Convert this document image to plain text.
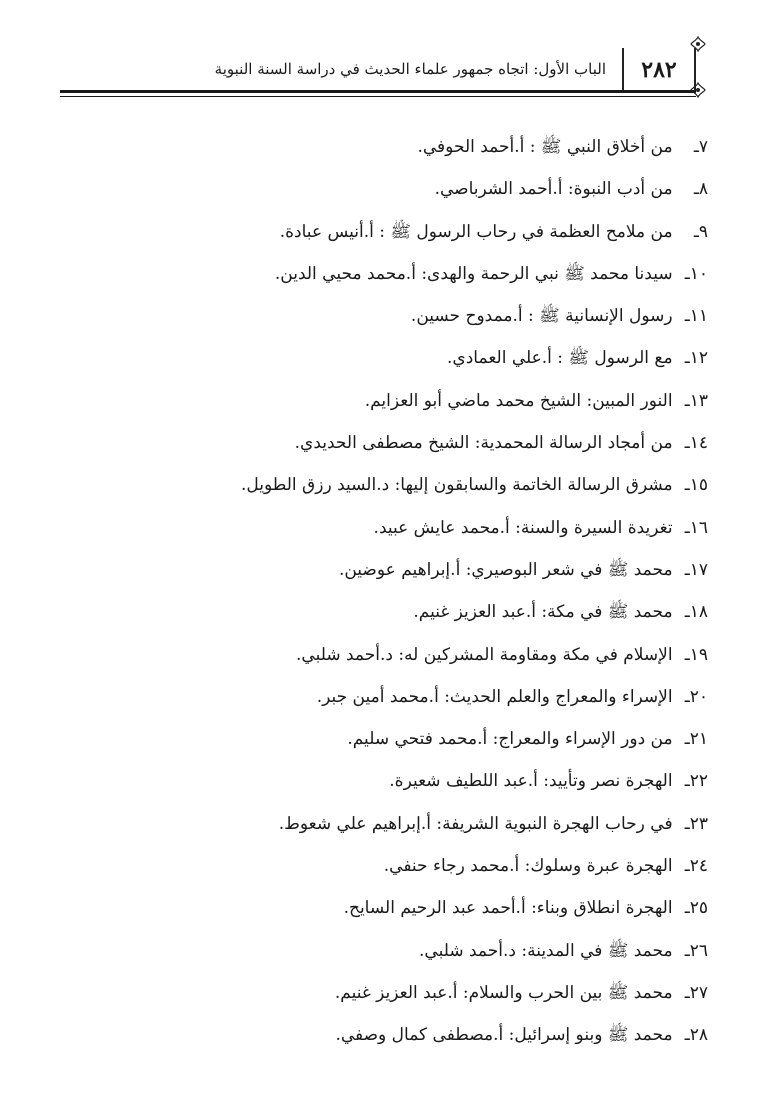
الباب الأول: اتجاه جمهور علماء الحديث في دراسة السنة النبوية ٢٨٢
٧ـ من أخلاق النبي ﷺ : أ.أحمد الحوفي.
٨ـ من أدب النبوة: أ.أحمد الشرباصي.
٩ـ من ملامح العظمة في رحاب الرسول ﷺ : أ.أنيس عبادة.
١٠ـ سيدنا محمد ﷺ نبي الرحمة والهدى: أ.محمد محيي الدين.
١١ـ رسول الإنسانية ﷺ : أ.ممدوح حسين.
١٢ـ مع الرسول ﷺ : أ.علي العمادي.
١٣ـ النور المبين: الشيخ محمد ماضي أبو العزايم.
١٤ـ من أمجاد الرسالة المحمدية: الشيخ مصطفى الحديدي.
١٥ـ مشرق الرسالة الخاتمة والسابقون إليها: د.السيد رزق الطويل.
١٦ـ تغريدة السيرة والسنة: أ.محمد عايش عبيد.
١٧ـ محمد ﷺ في شعر البوصيري: أ.إبراهيم عوضين.
١٨ـ محمد ﷺ في مكة: أ.عبد العزيز غنيم.
١٩ـ الإسلام في مكة ومقاومة المشركين له: د.أحمد شلبي.
٢٠ـ الإسراء والمعراج والعلم الحديث: أ.محمد أمين جبر.
٢١ـ من دور الإسراء والمعراج: أ.محمد فتحي سليم.
٢٢ـ الهجرة نصر وتأييد: أ.عبد اللطيف شعيرة.
٢٣ـ في رحاب الهجرة النبوية الشريفة: أ.إبراهيم علي شعوط.
٢٤ـ الهجرة عبرة وسلوك: أ.محمد رجاء حنفي.
٢٥ـ الهجرة انطلاق وبناء: أ.أحمد عبد الرحيم السايح.
٢٦ـ محمد ﷺ في المدينة: د.أحمد شلبي.
٢٧ـ محمد ﷺ بين الحرب والسلام: أ.عبد العزيز غنيم.
٢٨ـ محمد ﷺ وبنو إسرائيل: أ.مصطفى كمال وصفي.
